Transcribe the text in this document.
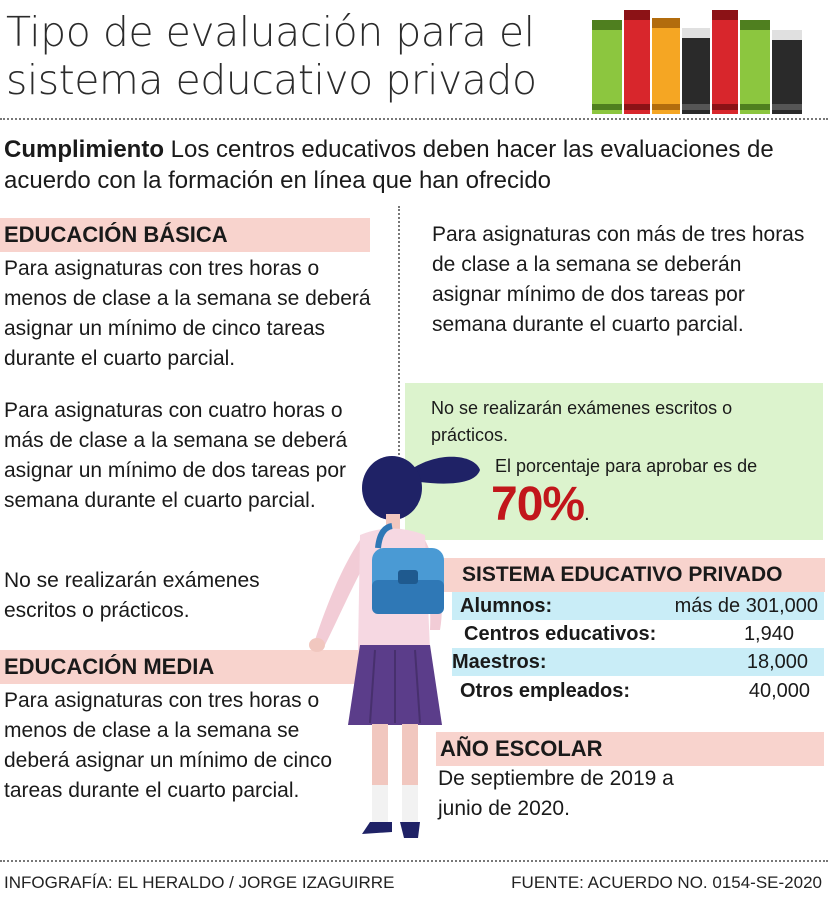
Tipo de evaluación para el
sistema educativo privado
Cumplimiento Los centros educativos deben hacer las evaluaciones de acuerdo con la formación en línea que han ofrecido
EDUCACIÓN BÁSICA
Para asignaturas con tres horas o menos de clase a la semana se deberá asignar un mínimo de cinco tareas durante el cuarto parcial.
Para asignaturas con cuatro horas o más de clase a la semana se deberá asignar un mínimo de dos tareas por semana durante el cuarto parcial.
No se realizarán exámenes escritos o prácticos.
EDUCACIÓN MEDIA
Para asignaturas con tres horas o menos de clase a la semana se deberá asignar un mínimo de cinco tareas durante el cuarto parcial.
Para asignaturas con más de tres horas de clase a la semana se deberán asignar mínimo de dos tareas por semana durante el cuarto parcial.
No se realizarán exámenes escritos o prácticos.
El porcentaje para aprobar es de
70%.
SISTEMA EDUCATIVO PRIVADO
Alumnos:	más de 301,000
Centros educativos:	1,940
Maestros:	18,000
Otros empleados:	40,000
AÑO ESCOLAR
De septiembre de 2019 a junio de 2020.
INFOGRAFÍA: EL HERALDO / JORGE IZAGUIRRE	FUENTE: ACUERDO NO. 0154-SE-2020
